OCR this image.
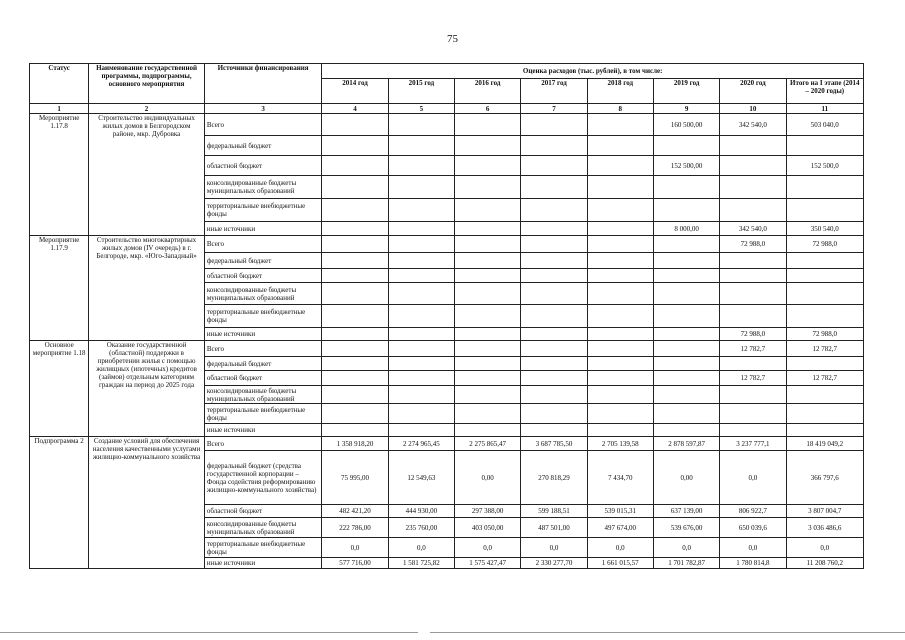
75
Статус	Наименование государственной программы, подпрограммы, основного мероприятия	Источники финансирования	Оценка расходов (тыс. рублей), в том числе:							
			2014 год	2015 год	2016 год	2017 год	2018 год	2019 год	2020 год	Итого на I этапе (2014 – 2020 годы)
1	2	3	4	5	6	7	8	9	10	11
Мероприятие 1.17.8	Строительство индивидуальных жилых домов в Белгородском районе, мкр. Дубровка	Всего						160 500,00	342 540,0	503 040,0
		федеральный бюджет								
		областной бюджет						152 500,00		152 500,0
		консолидированные бюджеты муниципальных образований								
		территориальные внебюджетные фонды								
		иные источники						8 000,00	342 540,0	350 540,0
Мероприятие 1.17.9	Строительство многоквартирных жилых домов (IV очередь) в г. Белгороде, мкр. «Юго-Западный»	Всего							72 988,0	72 988,0
		федеральный бюджет								
		областной бюджет								
		консолидированные бюджеты муниципальных образований								
		территориальные внебюджетные фонды								
		иные источники							72 988,0	72 988,0
Основное мероприятие 1.18	Оказание государственной (областной) поддержки в приобретении жилья с помощью жилищных (ипотечных) кредитов (займов) отдельным категориям граждан на период до 2025 года	Всего							12 782,7	12 782,7
		федеральный бюджет								
		областной бюджет							12 782,7	12 782,7
		консолидированные бюджеты муниципальных образований								
		территориальные внебюджетные фонды								
		иные источники								
Подпрограмма 2	Создание условий для обеспечения населения качественными услугами жилищно-коммунального хозяйства	Всего	1 358 918,20	2 274 965,45	2 275 865,47	3 687 785,50	2 705 139,58	2 878 597,87	3 237 777,1	18 419 049,2
		федеральный бюджет (средства государственной корпорации – Фонда содействия реформированию жилищно-коммунального хозяйства)	75 995,00	12 549,63	0,00	270 818,29	7 434,70	0,00	0,0	366 797,6
		областной бюджет	482 421,20	444 930,00	297 388,00	599 188,51	539 015,31	637 139,00	806 922,7	3 807 004,7
		консолидированные бюджеты муниципальных образований	222 786,00	235 760,00	403 050,00	487 501,00	497 674,00	539 676,00	650 039,6	3 036 486,6
		территориальные внебюджетные фонды	0,0	0,0	0,0	0,0	0,0	0,0	0,0	0,0
		иные источники	577 716,00	1 581 725,82	1 575 427,47	2 330 277,70	1 661 015,57	1 701 782,87	1 780 814,8	11 208 760,2
